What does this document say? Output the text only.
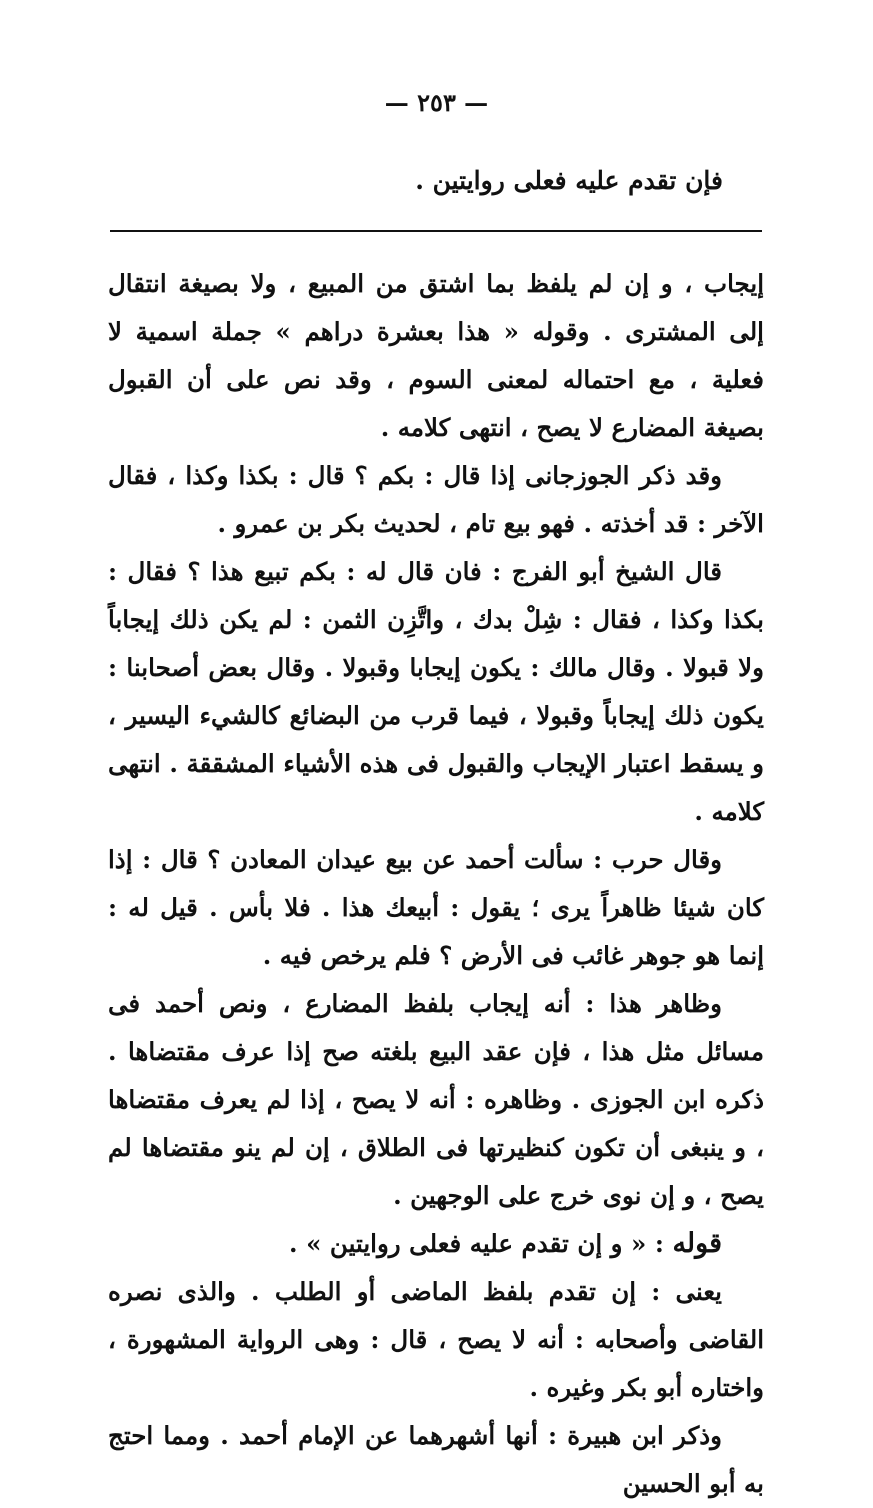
— ٢٥٣ —
فإن تقدم عليه فعلى روايتين .

إيجاب ، و إن لم يلفظ بما اشتق من المبيع ، ولا بصيغة انتقال إلى المشترى . وقوله « هذا بعشرة دراهم » جملة اسمية لا فعلية ، مع احتماله لمعنى السوم ، وقد نص على أن القبول بصيغة المضارع لا يصح ، انتهى كلامه .

وقد ذكر الجوزجانى إذا قال : بكم ؟ قال : بكذا وكذا ، فقال الآخر : قد أخذته . فهو بيع تام ، لحديث بكر بن عمرو .

قال الشيخ أبو الفرج : فان قال له : بكم تبيع هذا ؟ فقال : بكذا وكذا ، فقال : شِلْ بدك ، واتَّزِن الثمن : لم يكن ذلك إيجاباً ولا قبولا . وقال مالك : يكون إيجابا وقبولا . وقال بعض أصحابنا : يكون ذلك إيجاباً وقبولا ، فيما قرب من البضائع كالشيء اليسير ، و يسقط اعتبار الإيجاب والقبول فى هذه الأشياء المشققة . انتهى كلامه .

وقال حرب : سألت أحمد عن بيع عيدان المعادن ؟ قال : إذا كان شيئا ظاهراً يرى ؛ يقول : أبيعك هذا . فلا بأس . قيل له : إنما هو جوهر غائب فى الأرض ؟ فلم يرخص فيه .

وظاهر هذا : أنه إيجاب بلفظ المضارع ، ونص أحمد فى مسائل مثل هذا ، فإن عقد البيع بلغته صح إذا عرف مقتضاها . ذكره ابن الجوزى . وظاهره : أنه لا يصح ، إذا لم يعرف مقتضاها ، و ينبغى أن تكون كنظيرتها فى الطلاق ، إن لم ينو مقتضاها لم يصح ، و إن نوى خرج على الوجهين .

قوله : « و إن تقدم عليه فعلى روايتين » .

يعنى : إن تقدم بلفظ الماضى أو الطلب . والذى نصره القاضى وأصحابه : أنه لا يصح ، قال : وهى الرواية المشهورة ، واختاره أبو بكر وغيره .

وذكر ابن هبيرة : أنها أشهرهما عن الإمام أحمد . ومما احتج به أبو الحسين
